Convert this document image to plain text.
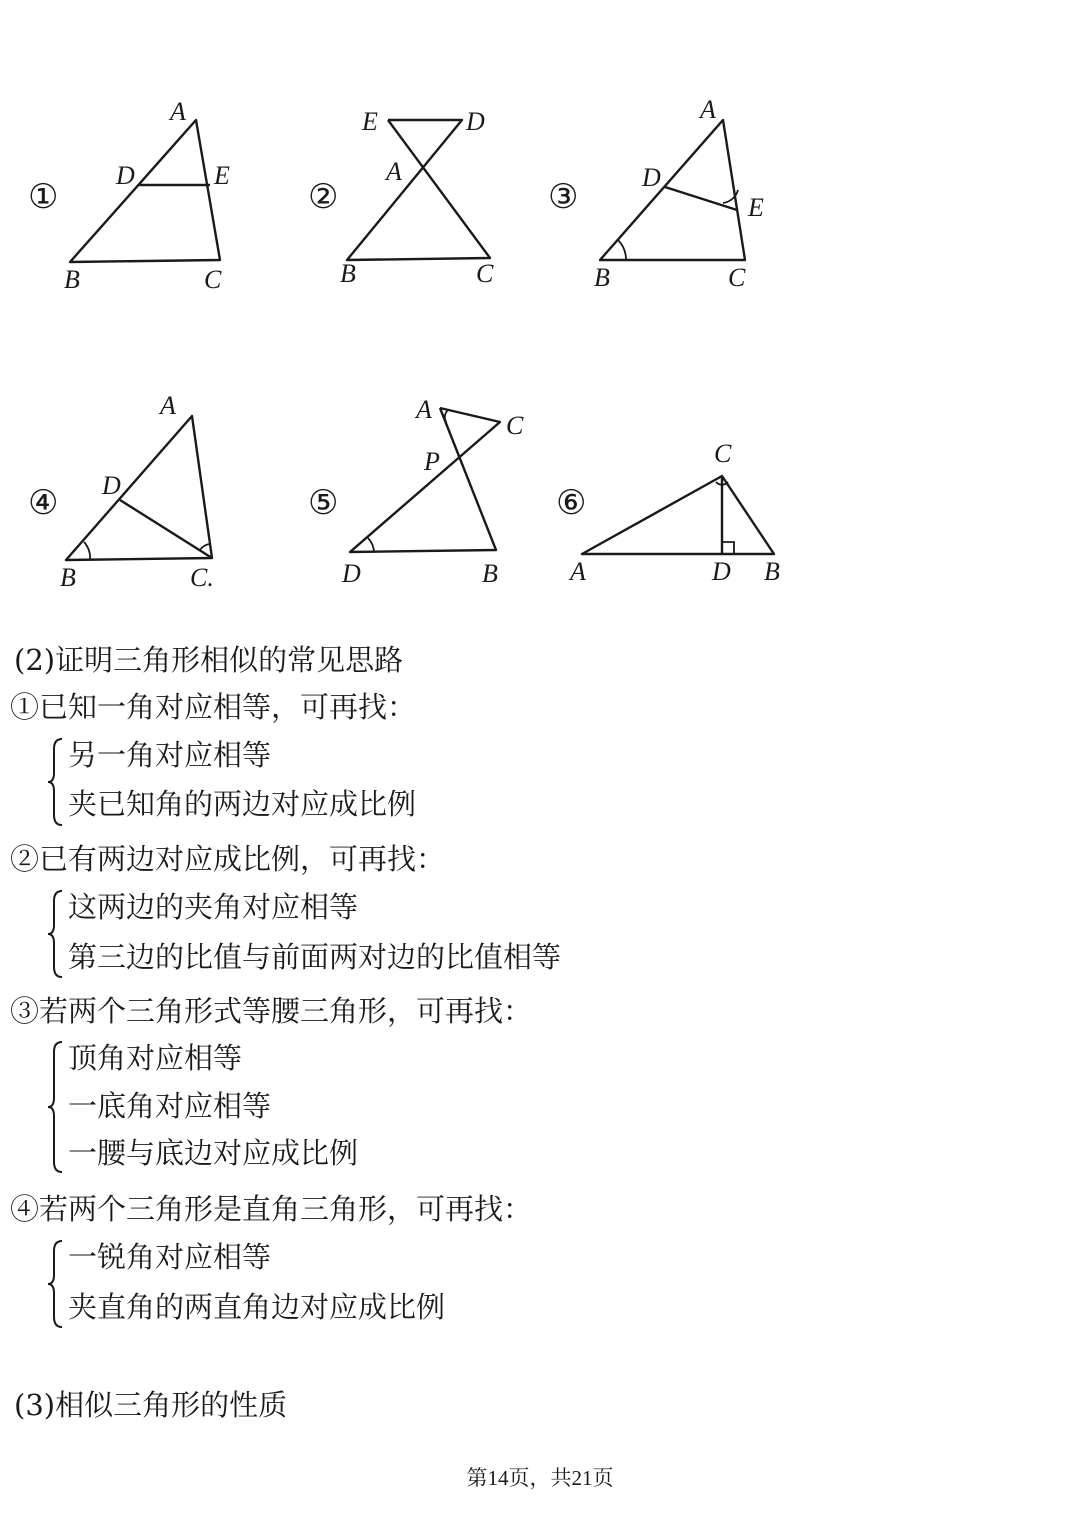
①
A
D	E
B	C
②
E	D
A
B	C
③
A
D
E
B	C
④
A
D
B	C.
⑤
A
C
P
D	B
⑥
C
A	D B
(2)证明三角形相似的常见思路
①已知一角对应相等，可再找：
另一角对应相等
夹已知角的两边对应成比例
②已有两边对应成比例，可再找：
这两边的夹角对应相等
第三边的比值与前面两对边的比值相等
③若两个三角形式等腰三角形，可再找：
顶角对应相等
一底角对应相等
一腰与底边对应成比例
④若两个三角形是直角三角形，可再找：
一锐角对应相等
夹直角的两直角边对应成比例
(3)相似三角形的性质
第14页，共21页
